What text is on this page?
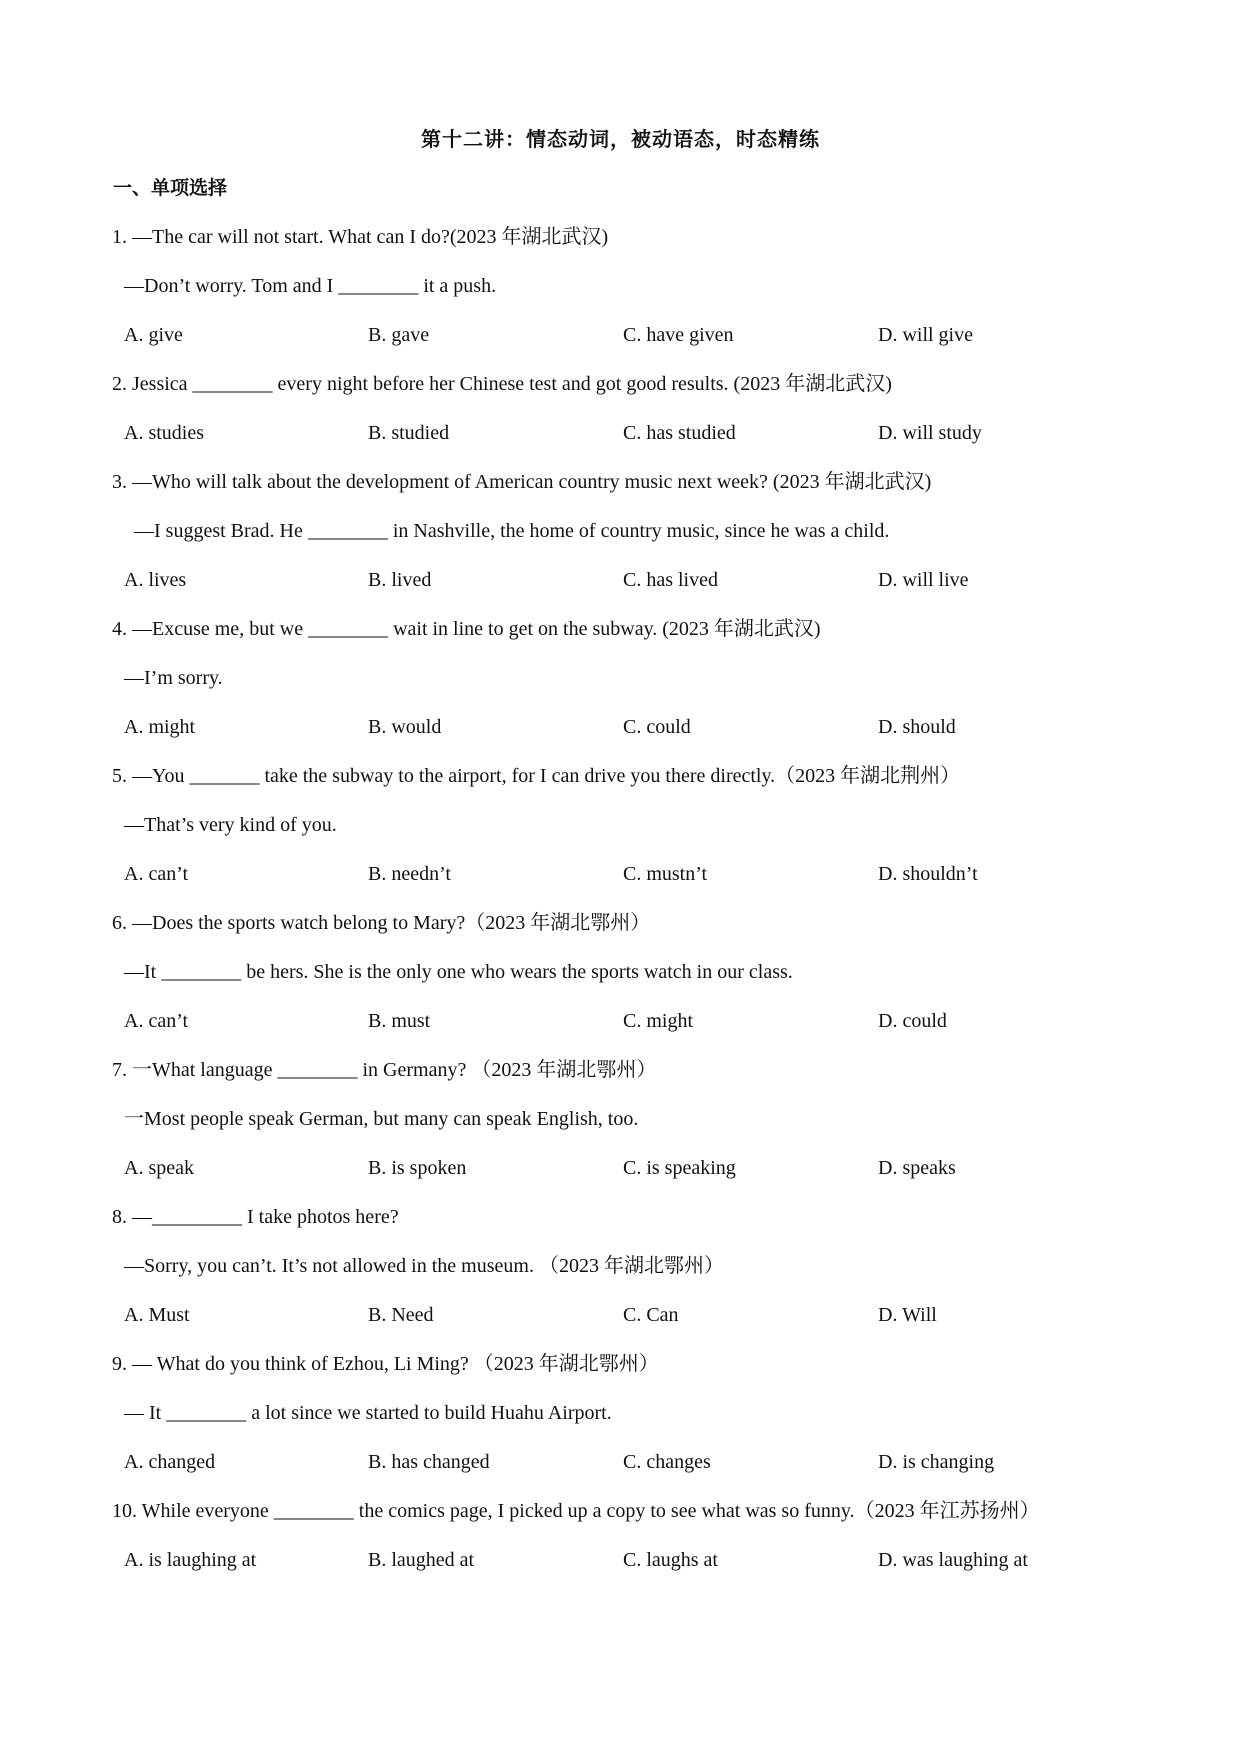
第十二讲：情态动词，被动语态，时态精练
一、单项选择
1. —The car will not start. What can I do?(2023 年湖北武汉)
—Don’t worry. Tom and I ________ it a push.
A. give	B. gave	C. have given	D. will give
2. Jessica ________ every night before her Chinese test and got good results. (2023 年湖北武汉)
A. studies	B. studied	C. has studied	D. will study
3. —Who will talk about the development of American country music next week? (2023 年湖北武汉)
—I suggest Brad. He ________ in Nashville, the home of country music, since he was a child.
A. lives	B. lived	C. has lived	D. will live
4. —Excuse me, but we ________ wait in line to get on the subway. (2023 年湖北武汉)
—I’m sorry.
A. might	B. would	C. could	D. should
5. —You _______ take the subway to the airport, for I can drive you there directly.（2023 年湖北荆州）
—That’s very kind of you.
A. can’t	B. needn’t	C. mustn’t	D. shouldn’t
6. —Does the sports watch belong to Mary?（2023 年湖北鄂州）
—It ________ be hers. She is the only one who wears the sports watch in our class.
A. can’t	B. must	C. might	D. could
7. 一What language ________ in Germany? （2023 年湖北鄂州）
一Most people speak German, but many can speak English, too.
A. speak	B. is spoken	C. is speaking	D. speaks
8. —_________ I take photos here?
—Sorry, you can’t. It’s not allowed in the museum. （2023 年湖北鄂州）
A. Must	B. Need	C. Can	D. Will
9. — What do you think of Ezhou, Li Ming? （2023 年湖北鄂州）
— It ________ a lot since we started to build Huahu Airport.
A. changed	B. has changed	C. changes	D. is changing
10. While everyone ________ the comics page, I picked up a copy to see what was so funny.（2023 年江苏扬州）
A. is laughing at	B. laughed at	C. laughs at	D. was laughing at
